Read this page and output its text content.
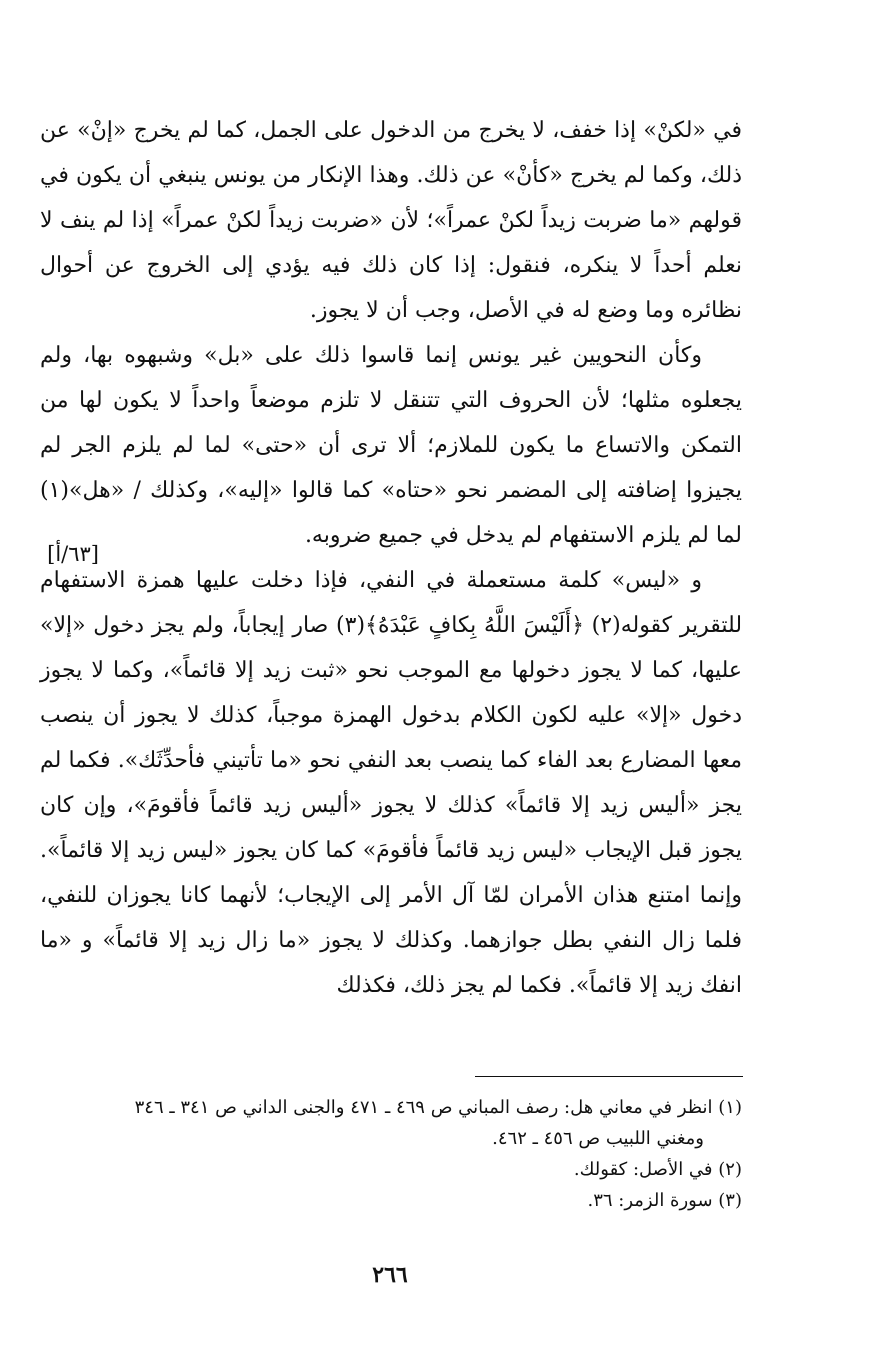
في «لكنْ» إذا خفف، لا يخرج من الدخول على الجمل، كما لم يخرج «إنْ» عن ذلك، وكما لم يخرج «كأنْ» عن ذلك. وهذا الإنكار من يونس ينبغي أن يكون في قولهم «ما ضربت زيداً لكنْ عمراً»؛ لأن «ضربت زيداً لكنْ عمراً» إذا لم ينف لا نعلم أحداً لا ينكره، فنقول: إذا كان ذلك فيه يؤدي إلى الخروج عن أحوال نظائره وما وضع له في الأصل، وجب أن لا يجوز.

وكأن النحويين غير يونس إنما قاسوا ذلك على «بل» وشبهوه بها، ولم يجعلوه مثلها؛ لأن الحروف التي تتنقل لا تلزم موضعاً واحداً لا يكون لها من التمكن والاتساع ما يكون للملازم؛ ألا ترى أن «حتى» لما لم يلزم الجر لم يجيزوا إضافته إلى المضمر نحو «حتاه» كما قالوا «إليه»، وكذلك / «هل»(١) لما لم يلزم الاستفهام لم يدخل في جميع ضروبه.

و «ليس» كلمة مستعملة في النفي، فإذا دخلت عليها همزة الاستفهام للتقرير كقوله(٢) ﴿أَلَيْسَ اللَّهُ بِكافٍ عَبْدَهُ﴾(٣) صار إيجاباً، ولم يجز دخول «إلا» عليها، كما لا يجوز دخولها مع الموجب نحو «ثبت زيد إلا قائماً»، وكما لا يجوز دخول «إلا» عليه لكون الكلام بدخول الهمزة موجباً، كذلك لا يجوز أن ينصب معها المضارع بعد الفاء كما ينصب بعد النفي نحو «ما تأتيني فأحدِّثَك». فكما لم يجز «أليس زيد إلا قائماً» كذلك لا يجوز «أليس زيد قائماً فأقومَ»، وإن كان يجوز قبل الإيجاب «ليس زيد قائماً فأقومَ» كما كان يجوز «ليس زيد إلا قائماً». وإنما امتنع هذان الأمران لمّا آل الأمر إلى الإيجاب؛ لأنهما كانا يجوزان للنفي، فلما زال النفي بطل جوازهما. وكذلك لا يجوز «ما زال زيد إلا قائماً» و «ما انفك زيد إلا قائماً». فكما لم يجز ذلك، فكذلك

[٦٣/أ]

(١) انظر في معاني هل: رصف المباني ص ٤٦٩ ـ ٤٧١ والجنى الداني ص ٣٤١ ـ ٣٤٦

ومغني اللبيب ص ٤٥٦ ـ ٤٦٢.

(٢) في الأصل: كقولك.

(٣) سورة الزمر: ٣٦.

٢٦٦
